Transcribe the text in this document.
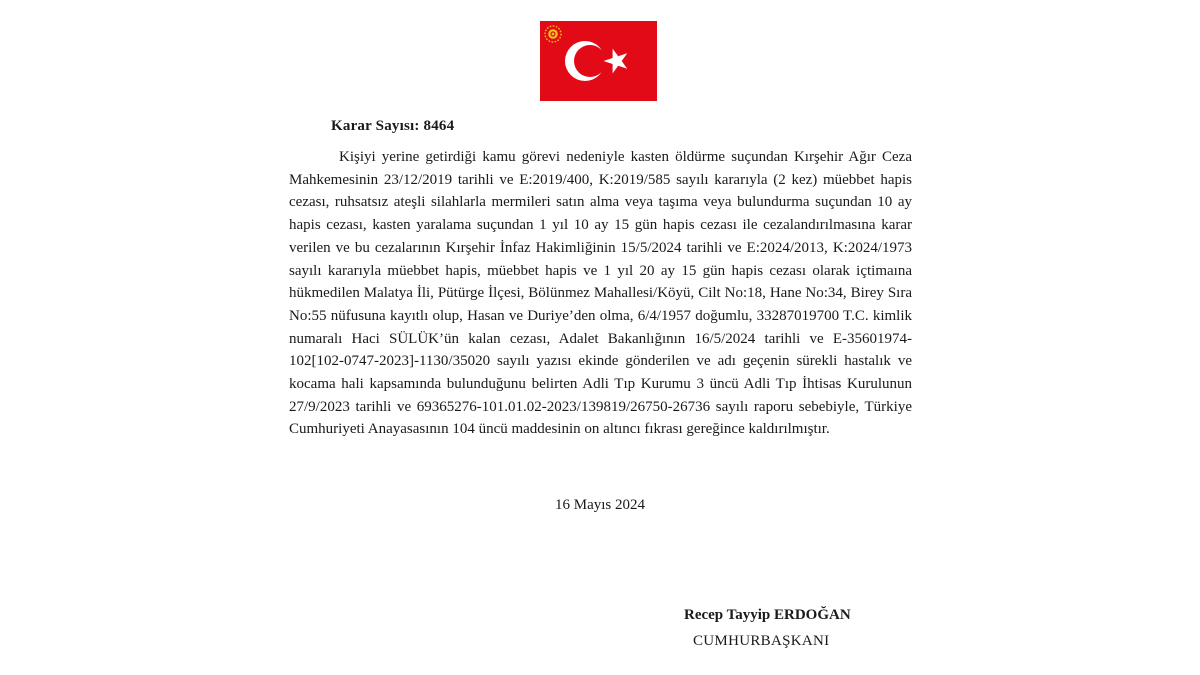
Karar Sayısı: 8464

Kişiyi yerine getirdiği kamu görevi nedeniyle kasten öldürme suçundan Kırşehir Ağır Ceza Mahkemesinin 23/12/2019 tarihli ve E:2019/400, K:2019/585 sayılı kararıyla (2 kez) müebbet hapis cezası, ruhsatsız ateşli silahlarla mermileri satın alma veya taşıma veya bulundurma suçundan 10 ay hapis cezası, kasten yaralama suçundan 1 yıl 10 ay 15 gün hapis cezası ile cezalandırılmasına karar verilen ve bu cezalarının Kırşehir İnfaz Hakimliğinin 15/5/2024 tarihli ve E:2024/2013, K:2024/1973 sayılı kararıyla müebbet hapis, müebbet hapis ve 1 yıl 20 ay 15 gün hapis cezası olarak içtimaına hükmedilen Malatya İli, Pütürge İlçesi, Bölünmez Mahallesi/Köyü, Cilt No:18, Hane No:34, Birey Sıra No:55 nüfusuna kayıtlı olup, Hasan ve Duriye’den olma, 6/4/1957 doğumlu, 33287019700 T.C. kimlik numaralı Haci SÜLÜK’ün kalan cezası, Adalet Bakanlığının 16/5/2024 tarihli ve E-35601974-102[102-0747-2023]-1130/35020 sayılı yazısı ekinde gönderilen ve adı geçenin sürekli hastalık ve kocama hali kapsamında bulunduğunu belirten Adli Tıp Kurumu 3 üncü Adli Tıp İhtisas Kurulunun 27/9/2023 tarihli ve 69365276-101.01.02-2023/139819/26750-26736 sayılı raporu sebebiyle, Türkiye Cumhuriyeti Anayasasının 104 üncü maddesinin on altıncı fıkrası gereğince kaldırılmıştır.

16 Mayıs 2024
Recep Tayyip ERDOĞAN
CUMHURBAŞKANI
